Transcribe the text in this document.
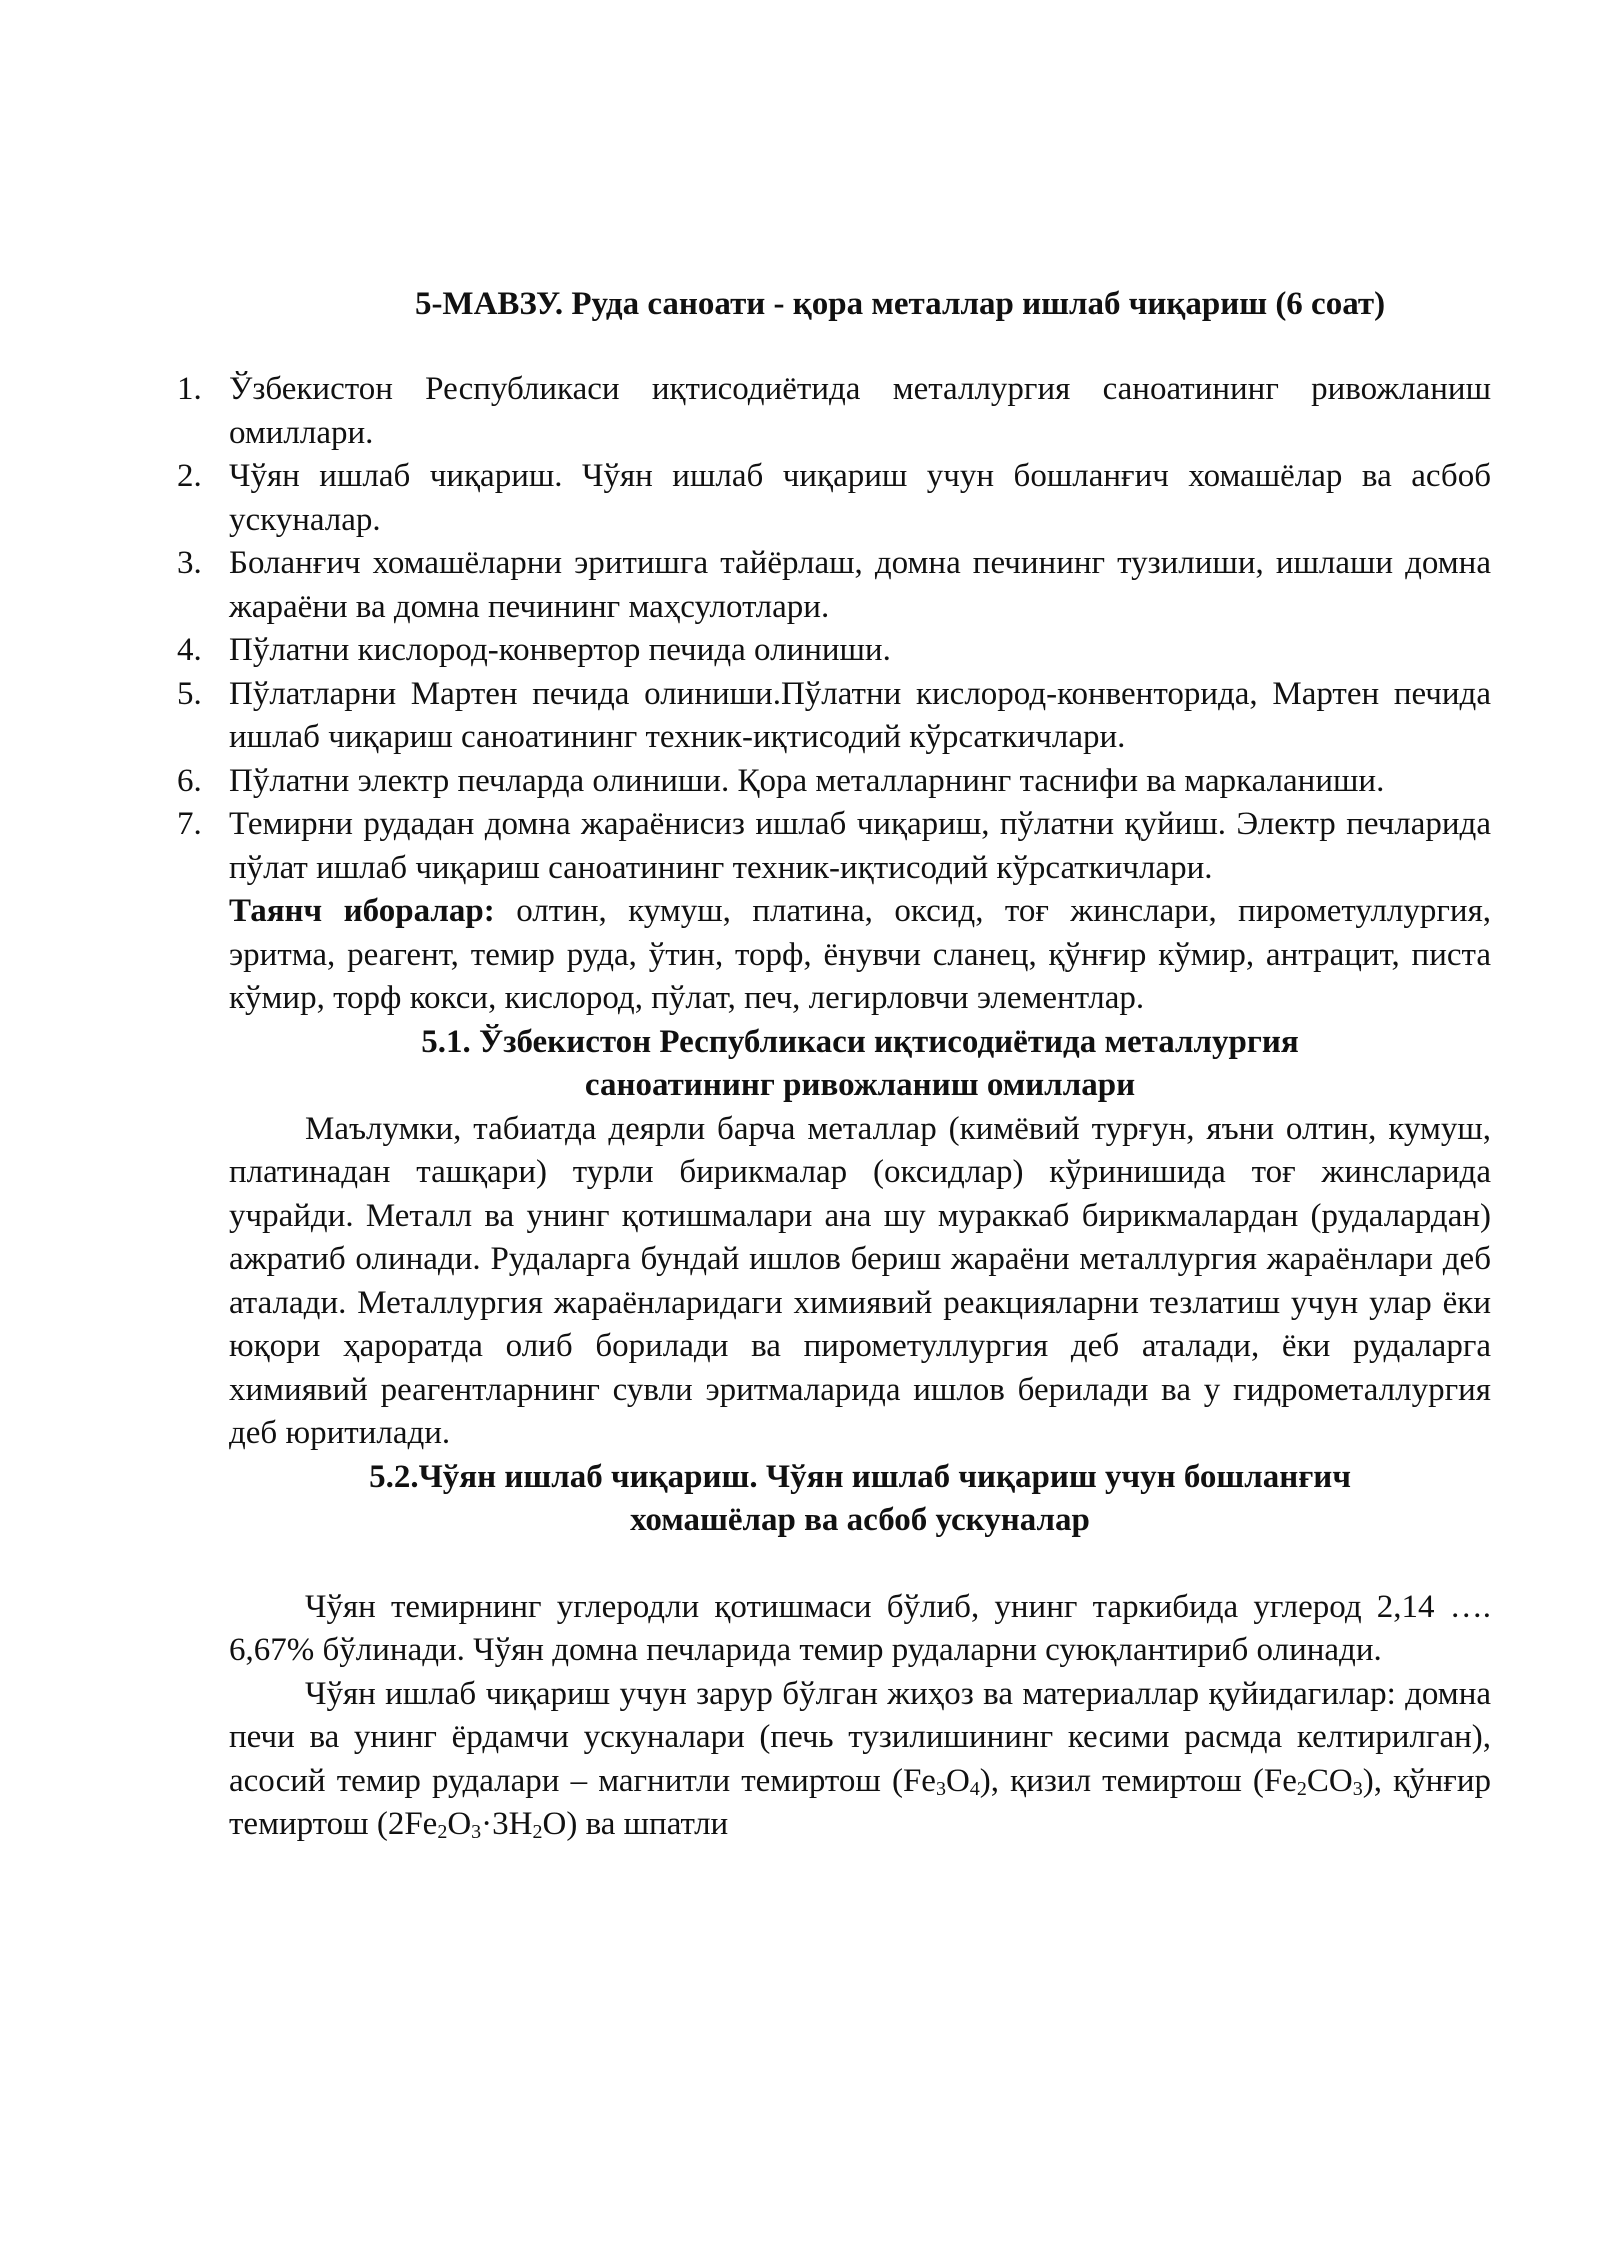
5-МАВЗУ. Руда саноати - қора металлар ишлаб чиқариш (6 соат)
1. Ўзбекистон Республикаси иқтисодиётида металлургия саноатининг ривожланиш омиллари.
2. Чўян ишлаб чиқариш. Чўян ишлаб чиқариш учун бошланғич хомашёлар ва асбоб ускуналар.
3. Боланғич хомашёларни эритишга тайёрлаш, домна печининг тузилиши, ишлаши домна жараёни ва домна печининг маҳсулотлари.
4. Пўлатни кислород-конвертор печида олиниши.
5. Пўлатларни Мартен печида олиниши.Пўлатни кислород-конвенторида, Мартен печида ишлаб чиқариш саноатининг техник-иқтисодий кўрсаткичлари.
6. Пўлатни электр печларда олиниши. Қора металларнинг таснифи ва маркаланиши.
7. Темирни рудадан домна жараёнисиз ишлаб чиқариш, пўлатни қуйиш. Электр печларида пўлат ишлаб чиқариш саноатининг техник-иқтисодий кўрсаткичлари.
Таянч иборалар: олтин, кумуш, платина, оксид, тоғ жинслари, пирометуллургия, эритма, реагент, темир руда, ўтин, торф, ёнувчи сланец, қўнғир кўмир, антрацит, писта кўмир, торф кокси, кислород, пўлат, печ, легирловчи элементлар.
5.1. Ўзбекистон Республикаси иқтисодиётида металлургия
саноатининг ривожланиш омиллари

Маълумки, табиатда деярли барча металлар (кимёвий турғун, яъни олтин, кумуш, платинадан ташқари) турли бирикмалар (оксидлар) кўринишида тоғ жинсларида учрайди. Металл ва унинг қотишмалари ана шу мураккаб бирикмалардан (рудалардан) ажратиб олинади. Рудаларга бундай ишлов бериш жараёни металлургия жараёнлари деб аталади. Металлургия жараёнларидаги химиявий реакцияларни тезлатиш учун улар ёки юқори ҳароратда олиб борилади ва пирометуллургия деб аталади, ёки рудаларга химиявий реагентларнинг сувли эритмаларида ишлов берилади ва у гидрометаллургия деб юритилади.

5.2.Чўян ишлаб чиқариш. Чўян ишлаб чиқариш учун бошланғич
хомашёлар ва асбоб ускуналар

Чўян темирнинг углеродли қотишмаси бўлиб, унинг таркибида углерод 2,14 …. 6,67% бўлинади. Чўян домна печларида темир рудаларни суюқлантириб олинади.

Чўян ишлаб чиқариш учун зарур бўлган жиҳоз ва материаллар қуйидагилар: домна печи ва унинг ёрдамчи ускуналари (печь тузилишининг кесими расмда келтирилган), асосий темир рудалари – магнитли темиртош $(Fe_3O_4)$, қизил темиртош $(Fe_2CO_3)$, қўнғир темиртош $(2Fe_2O_3\cdot 3H_2O)$ ва шпатли
